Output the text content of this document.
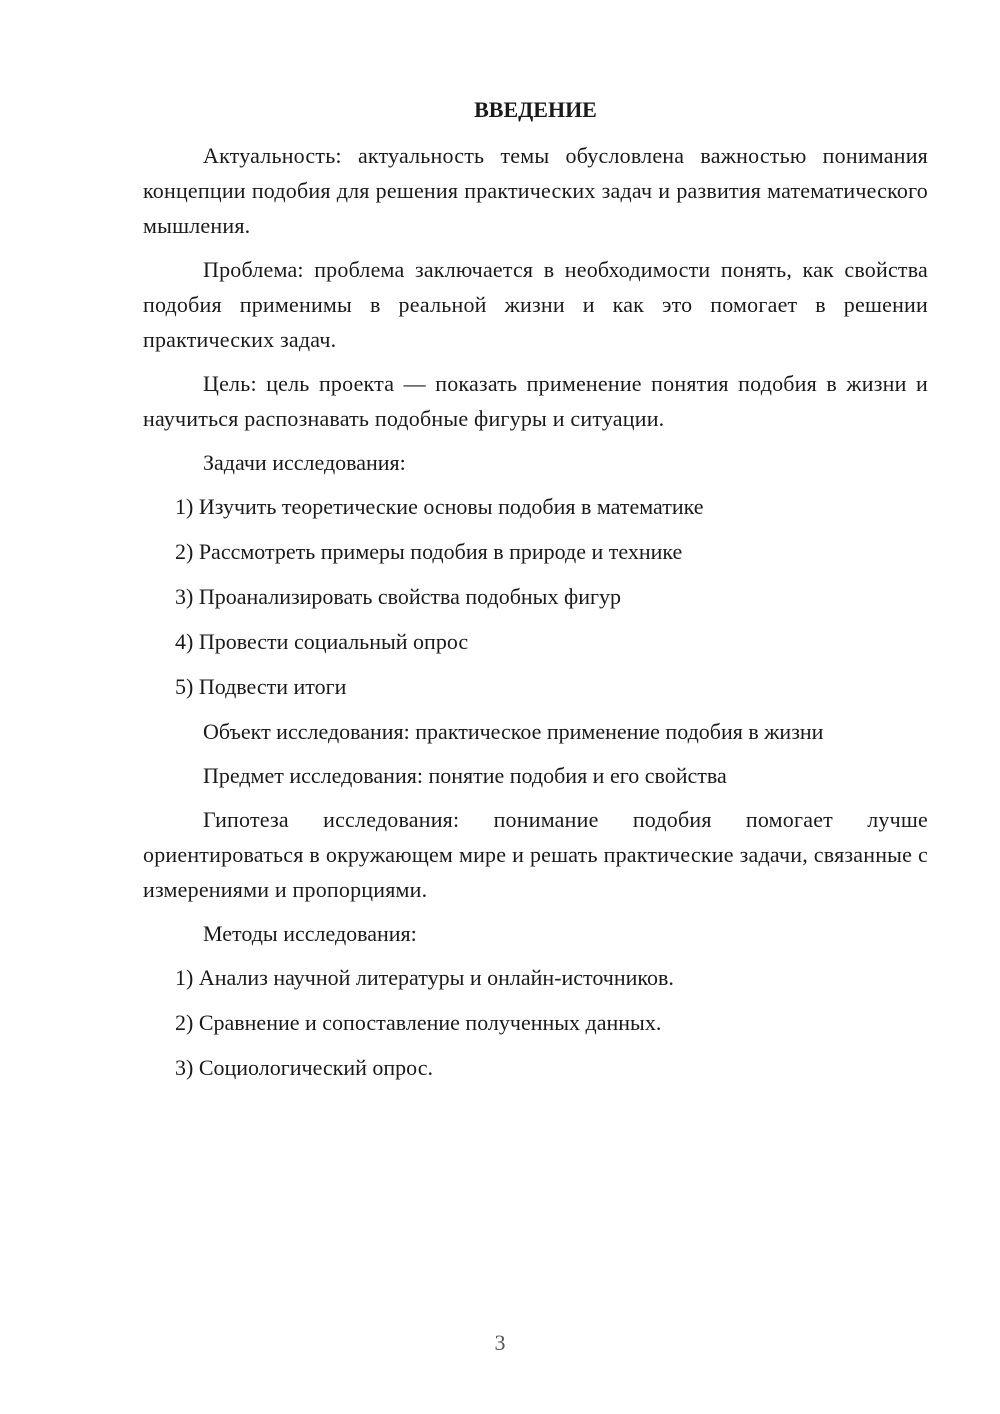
ВВЕДЕНИЕ

Актуальность: актуальность темы обусловлена важностью понимания концепции подобия для решения практических задач и развития математического мышления.

Проблема: проблема заключается в необходимости понять, как свойства подобия применимы в реальной жизни и как это помогает в решении практических задач.

Цель: цель проекта — показать применение понятия подобия в жизни и научиться распознавать подобные фигуры и ситуации.

Задачи исследования:

1) Изучить теоретические основы подобия в математике
2) Рассмотреть примеры подобия в природе и технике
3) Проанализировать свойства подобных фигур
4) Провести социальный опрос
5) Подвести итоги

Объект исследования: практическое применение подобия в жизни

Предмет исследования: понятие подобия и его свойства

Гипотеза исследования: понимание подобия помогает лучше ориентироваться в окружающем мире и решать практические задачи, связанные с измерениями и пропорциями.

Методы исследования:

1) Анализ научной литературы и онлайн-источников.
2) Сравнение и сопоставление полученных данных.
3) Социологический опрос.
3
